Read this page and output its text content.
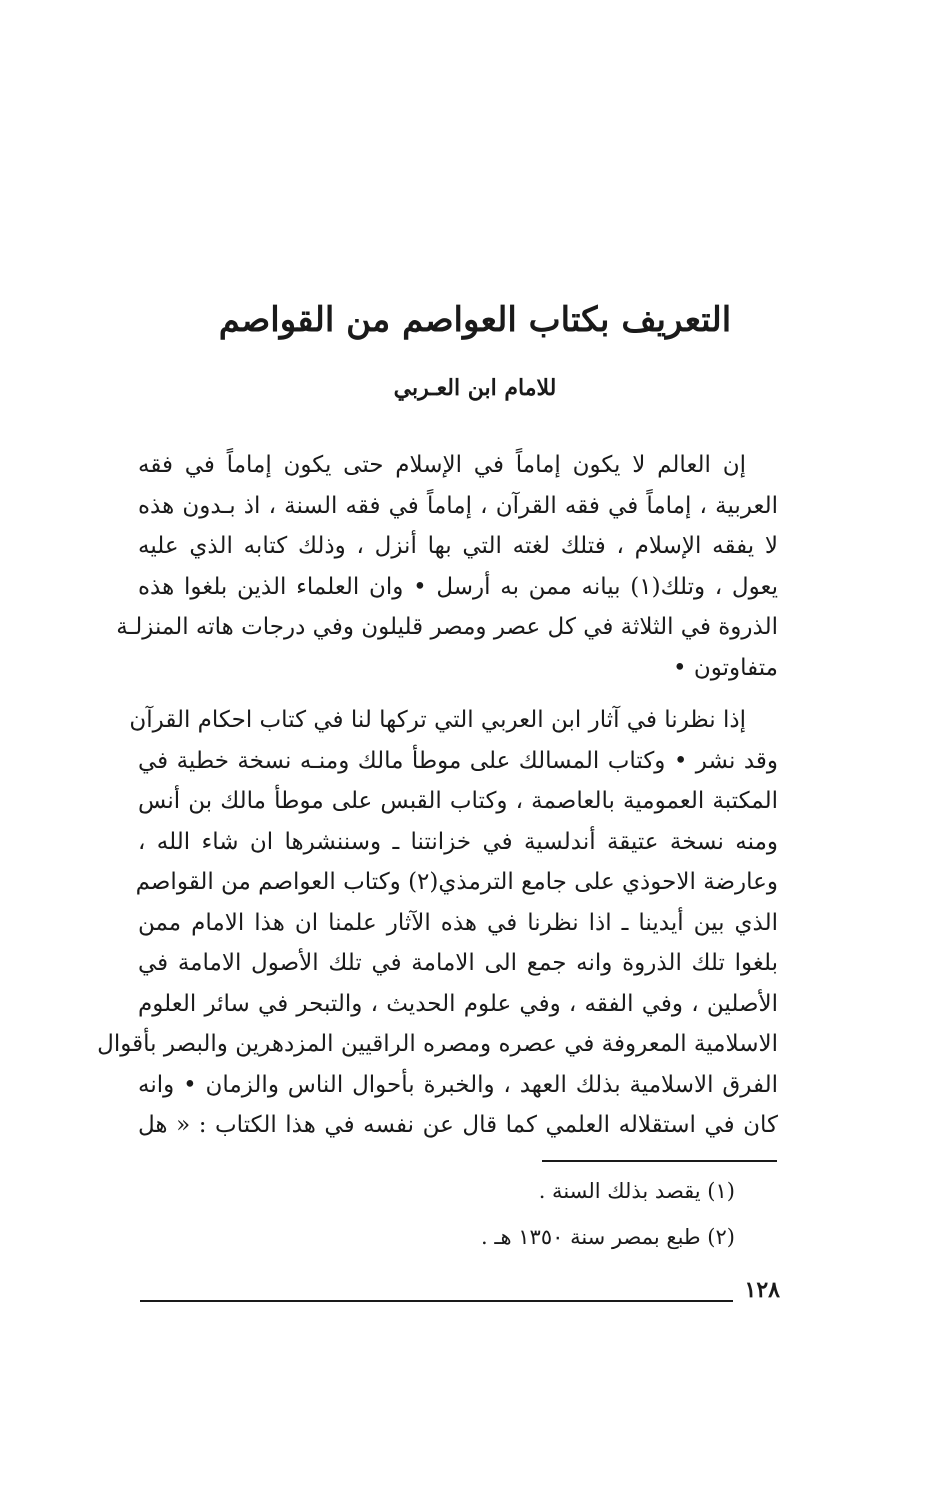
التعريف بكتاب العواصم من القواصم
للامام ابن العـربي
إن العالم لا يكون إماماً في الإسلام حتى يكون إماماً في فقه
العربية ، إماماً في فقه القرآن ، إماماً في فقه السنة ، اذ بـدون هذه
لا يفقه الإسلام ، فتلك لغته التي بها أنزل ، وذلك كتابه الذي عليه
يعول ، وتلك(١) بيانه ممن به أرسل • وان العلماء الذين بلغوا هذه
الذروة في الثلاثة في كل عصر ومصر قليلون وفي درجات هاته المنزلـة
متفاوتون •
إذا نظرنا في آثار ابن العربي التي تركها لنا في كتاب احكام القرآن
وقد نشر • وكتاب المسالك على موطأ مالك ومنـه نسخة خطية في
المكتبة العمومية بالعاصمة ، وكتاب القبس على موطأ مالك بن أنس
ومنه نسخة عتيقة أندلسية في خزانتنا ـ وسننشرها ان شاء الله ،
وعارضة الاحوذي على جامع الترمذي(٢) وكتاب العواصم من القواصم
الذي بين أيدينا ـ اذا نظرنا في هذه الآثار علمنا ان هذا الامام ممن
بلغوا تلك الذروة وانه جمع الى الامامة في تلك الأصول الامامة في
الأصلين ، وفي الفقه ، وفي علوم الحديث ، والتبحر في سائر العلوم
الاسلامية المعروفة في عصره ومصره الراقيين المزدهرين والبصر بأقوال
الفرق الاسلامية بذلك العهد ، والخبرة بأحوال الناس والزمان • وانه
كان في استقلاله العلمي كما قال عن نفسه في هذا الكتاب : « هل
(١) يقصد بذلك السنة .
(٢) طبع بمصر سنة ١٣٥٠ هـ .
١٢٨
